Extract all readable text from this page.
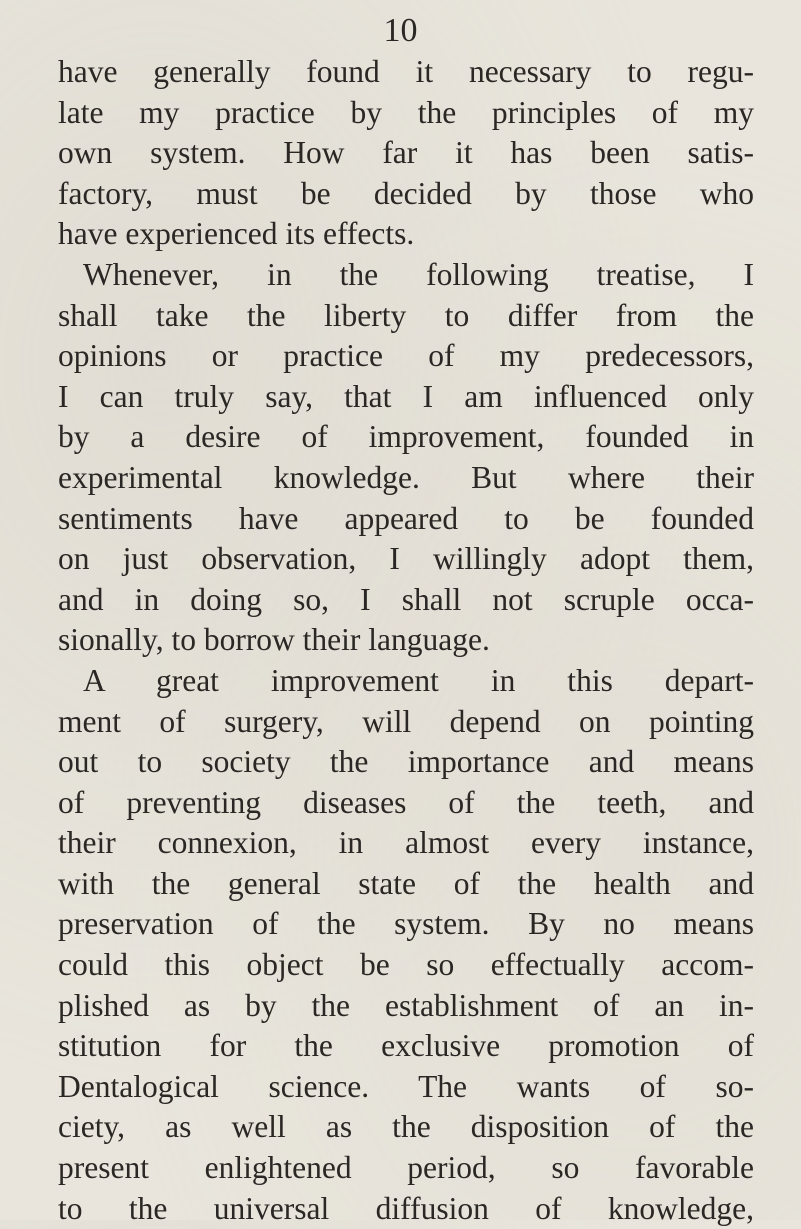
10
have generally found it necessary to regu-
late my practice by the principles of my
own system. How far it has been satis-
factory, must be decided by those who
have experienced its effects.
Whenever, in the following treatise, I
shall take the liberty to differ from the
opinions or practice of my predecessors,
I can truly say, that I am influenced only
by a desire of improvement, founded in
experimental knowledge. But where their
sentiments have appeared to be founded
on just observation, I willingly adopt them,
and in doing so, I shall not scruple occa-
sionally, to borrow their language.
A great improvement in this depart-
ment of surgery, will depend on pointing
out to society the importance and means
of preventing diseases of the teeth, and
their connexion, in almost every instance,
with the general state of the health and
preservation of the system. By no means
could this object be so effectually accom-
plished as by the establishment of an in-
stitution for the exclusive promotion of
Dentalogical science. The wants of so-
ciety, as well as the disposition of the
present enlightened period, so favorable
to the universal diffusion of knowledge,
